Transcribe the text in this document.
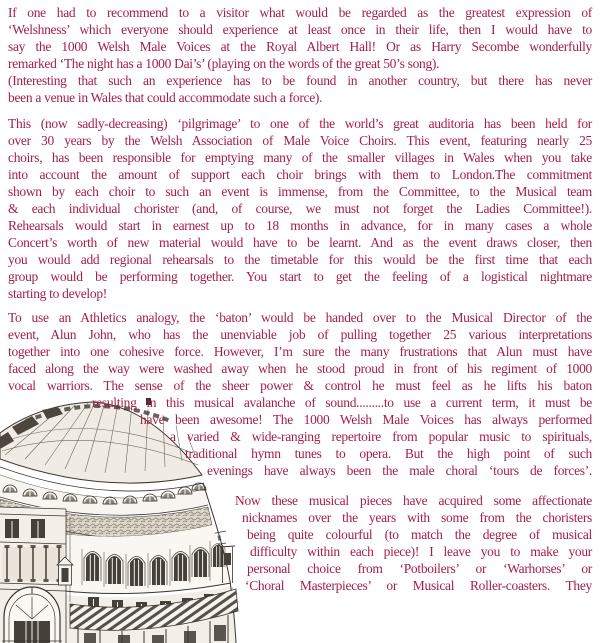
If one had to recommend to a visitor what would be regarded as the greatest expression of
‘Welshness’ which everyone should experience at least once in their life, then I would have to
say the 1000 Welsh Male Voices at the Royal Albert Hall! Or as Harry Secombe wonderfully
remarked ‘The night has a 1000 Dai’s’ (playing on the words of the great 50’s song).
(Interesting that such an experience has to be found in another country, but there has never
been a venue in Wales that could accommodate such a force).
This (now sadly-decreasing) ‘pilgrimage’ to one of the world’s great auditoria has been held for
over 30 years by the Welsh Association of Male Voice Choirs. This event, featuring nearly 25
choirs, has been responsible for emptying many of the smaller villages in Wales when you take
into account the amount of support each choir brings with them to London.The commitment
shown by each choir to such an event is immense, from the Committee, to the Musical team
& each individual chorister (and, of course, we must not forget the Ladies Committee!).
Rehearsals would start in earnest up to 18 months in advance, for in many cases a whole
Concert’s worth of new material would have to be learnt. And as the event draws closer, then
you would add regional rehearsals to the timetable for this would be the first time that each
group would be performing together. You start to get the feeling of a logistical nightmare
starting to develop!
To use an Athletics analogy, the ‘baton’ would be handed over to the Musical Director of the
event, Alun John, who has the unenviable job of pulling together 25 various interpretations
together into one cohesive force. However, I’m sure the many frustrations that Alun must have
faced along the way were washed away when he stood proud in front of his regiment of 1000
vocal warriors. The sense of the sheer power & control he must feel as he lifts his baton
resulting in this musical avalanche of sound.........to use a current term, it must be
have been awesome! The 1000 Welsh Male Voices has always performed
a varied & wide-ranging repertoire from popular music to spirituals,
traditional hymn tunes to opera. But the high point of such
evenings have always been the male choral ‘tours de forces’.
Now these musical pieces have acquired some affectionate
nicknames over the years with some from the choristers
being quite colourful (to match the degree of musical
difficulty within each piece)! I leave you to make your
personal choice from ‘Potboilers’ or ‘Warhorses’ or
‘Choral Masterpieces’ or Musical Roller-coasters. They
